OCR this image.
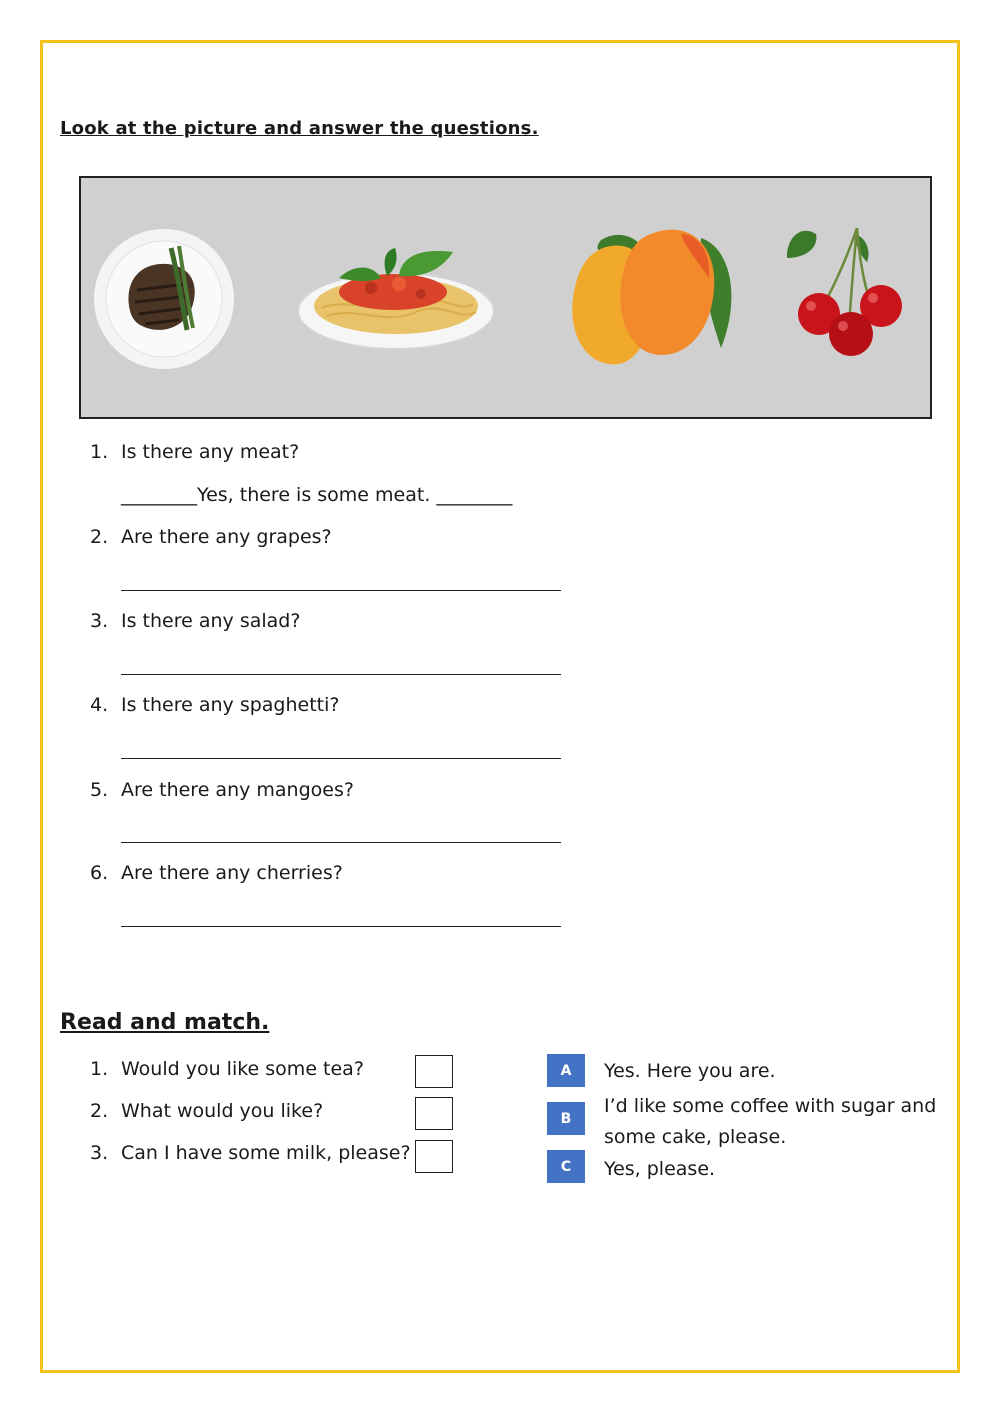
Look at the picture and answer the questions.
1. Is there any meat?
________Yes, there is some meat. ________
2. Are there any grapes?
3. Is there any salad?
4. Is there any spaghetti?
5. Are there any mangoes?
6. Are there any cherries?
Read and match.
1. Would you like some tea?
2. What would you like?
3. Can I have some milk, please?
A	Yes. Here you are.
B
I’d like some coffee with sugar and
some cake, please.
C	Yes, please.
